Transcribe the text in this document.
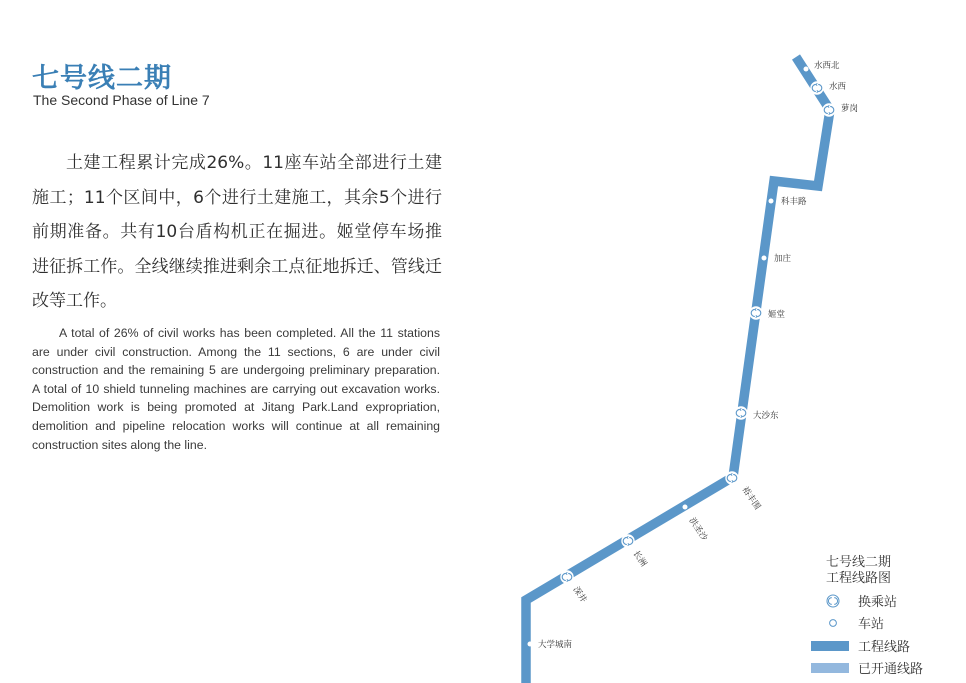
七号线二期
The Second Phase of Line 7

土建工程累计完成26%。11座车站全部进行土建施工；11个区间中，6个进行土建施工，其余5个进行前期准备。共有10台盾构机正在掘进。姬堂停车场推进征拆工作。全线继续推进剩余工点征地拆迁、管线迁改等工作。

A total of 26% of civil works has been completed. All the 11 stations are under civil construction. Among the 11 sections, 6 are under civil construction and the remaining 5 are undergoing preliminary preparation. A total of 10 shield tunneling machines are carrying out excavation works. Demolition work is being promoted at Jitang Park.Land expropriation, demolition and pipeline relocation works will continue at all remaining construction sites along the line.

水西北
水西
萝岗
科丰路
加庄
姬堂
大沙东
裕丰围
洪圣沙
长洲
深井
大学城南
七号线二期
工程线路图
换乘站
车站
工程线路
已开通线路
